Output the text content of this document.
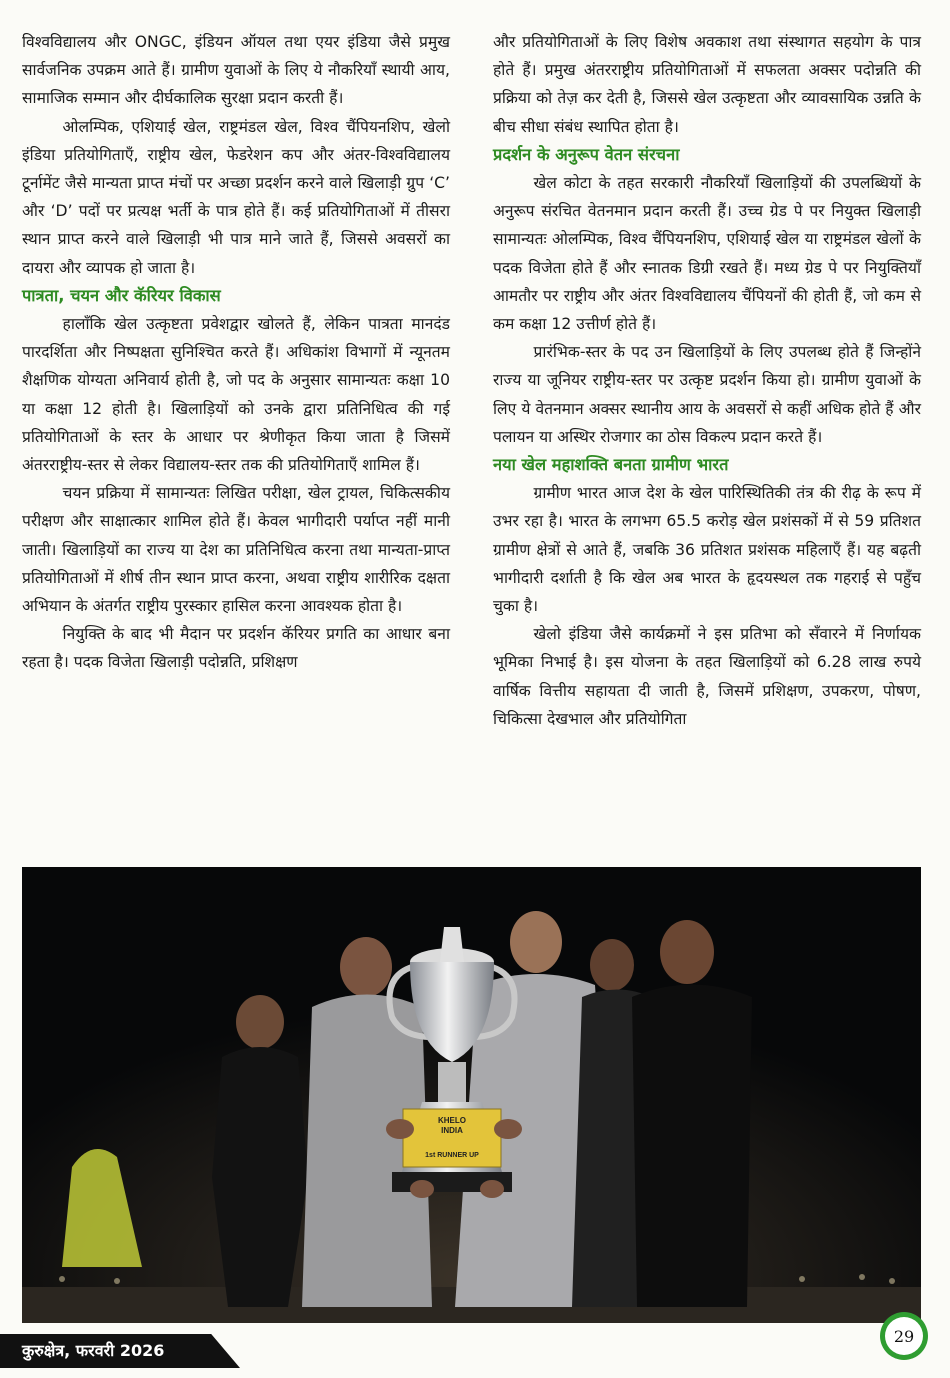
विश्वविद्यालय और ONGC, इंडियन ऑयल तथा एयर इंडिया जैसे प्रमुख सार्वजनिक उपक्रम आते हैं। ग्रामीण युवाओं के लिए ये नौकरियाँ स्थायी आय, सामाजिक सम्मान और दीर्घकालिक सुरक्षा प्रदान करती हैं।

ओलम्पिक, एशियाई खेल, राष्ट्रमंडल खेल, विश्व चैंपियनशिप, खेलो इंडिया प्रतियोगिताएँ, राष्ट्रीय खेल, फेडरेशन कप और अंतर-विश्वविद्यालय टूर्नामेंट जैसे मान्यता प्राप्त मंचों पर अच्छा प्रदर्शन करने वाले खिलाड़ी ग्रुप ‘C’ और ‘D’ पदों पर प्रत्यक्ष भर्ती के पात्र होते हैं। कई प्रतियोगिताओं में तीसरा स्थान प्राप्त करने वाले खिलाड़ी भी पात्र माने जाते हैं, जिससे अवसरों का दायरा और व्यापक हो जाता है।

पात्रता, चयन और कॅरियर विकास

हालाँकि खेल उत्कृष्टता प्रवेशद्वार खोलते हैं, लेकिन पात्रता मानदंड पारदर्शिता और निष्पक्षता सुनिश्चित करते हैं। अधिकांश विभागों में न्यूनतम शैक्षणिक योग्यता अनिवार्य होती है, जो पद के अनुसार सामान्यतः कक्षा 10 या कक्षा 12 होती है। खिलाड़ियों को उनके द्वारा प्रतिनिधित्व की गई प्रतियोगिताओं के स्तर के आधार पर श्रेणीकृत किया जाता है जिसमें अंतरराष्ट्रीय-स्तर से लेकर विद्यालय-स्तर तक की प्रतियोगिताएँ शामिल हैं।

चयन प्रक्रिया में सामान्यतः लिखित परीक्षा, खेल ट्रायल, चिकित्सकीय परीक्षण और साक्षात्कार शामिल होते हैं। केवल भागीदारी पर्याप्त नहीं मानी जाती। खिलाड़ियों का राज्य या देश का प्रतिनिधित्व करना तथा मान्यता-प्राप्त प्रतियोगिताओं में शीर्ष तीन स्थान प्राप्त करना, अथवा राष्ट्रीय शारीरिक दक्षता अभियान के अंतर्गत राष्ट्रीय पुरस्कार हासिल करना आवश्यक होता है।

नियुक्ति के बाद भी मैदान पर प्रदर्शन कॅरियर प्रगति का आधार बना रहता है। पदक विजेता खिलाड़ी पदोन्नति, प्रशिक्षण

और प्रतियोगिताओं के लिए विशेष अवकाश तथा संस्थागत सहयोग के पात्र होते हैं। प्रमुख अंतरराष्ट्रीय प्रतियोगिताओं में सफलता अक्सर पदोन्नति की प्रक्रिया को तेज़ कर देती है, जिससे खेल उत्कृष्टता और व्यावसायिक उन्नति के बीच सीधा संबंध स्थापित होता है।

प्रदर्शन के अनुरूप वेतन संरचना

खेल कोटा के तहत सरकारी नौकरियाँ खिलाड़ियों की उपलब्धियों के अनुरूप संरचित वेतनमान प्रदान करती हैं। उच्च ग्रेड पे पर नियुक्त खिलाड़ी सामान्यतः ओलम्पिक, विश्व चैंपियनशिप, एशियाई खेल या राष्ट्रमंडल खेलों के पदक विजेता होते हैं और स्नातक डिग्री रखते हैं। मध्य ग्रेड पे पर नियुक्तियाँ आमतौर पर राष्ट्रीय और अंतर विश्वविद्यालय चैंपियनों की होती हैं, जो कम से कम कक्षा 12 उत्तीर्ण होते हैं।

प्रारंभिक-स्तर के पद उन खिलाड़ियों के लिए उपलब्ध होते हैं जिन्होंने राज्य या जूनियर राष्ट्रीय-स्तर पर उत्कृष्ट प्रदर्शन किया हो। ग्रामीण युवाओं के लिए ये वेतनमान अक्सर स्थानीय आय के अवसरों से कहीं अधिक होते हैं और पलायन या अस्थिर रोजगार का ठोस विकल्प प्रदान करते हैं।

नया खेल महाशक्ति बनता ग्रामीण भारत

ग्रामीण भारत आज देश के खेल पारिस्थितिकी तंत्र की रीढ़ के रूप में उभर रहा है। भारत के लगभग 65.5 करोड़ खेल प्रशंसकों में से 59 प्रतिशत ग्रामीण क्षेत्रों से आते हैं, जबकि 36 प्रतिशत प्रशंसक महिलाएँ हैं। यह बढ़ती भागीदारी दर्शाती है कि खेल अब भारत के हृदयस्थल तक गहराई से पहुँच चुका है।

खेलो इंडिया जैसे कार्यक्रमों ने इस प्रतिभा को सँवारने में निर्णायक भूमिका निभाई है। इस योजना के तहत खिलाड़ियों को 6.28 लाख रुपये वार्षिक वित्तीय सहायता दी जाती है, जिसमें प्रशिक्षण, उपकरण, पोषण, चिकित्सा देखभाल और प्रतियोगिता

KHELO
INDIA
1st RUNNER UP
कुरुक्षेत्र, फरवरी 2026
29
